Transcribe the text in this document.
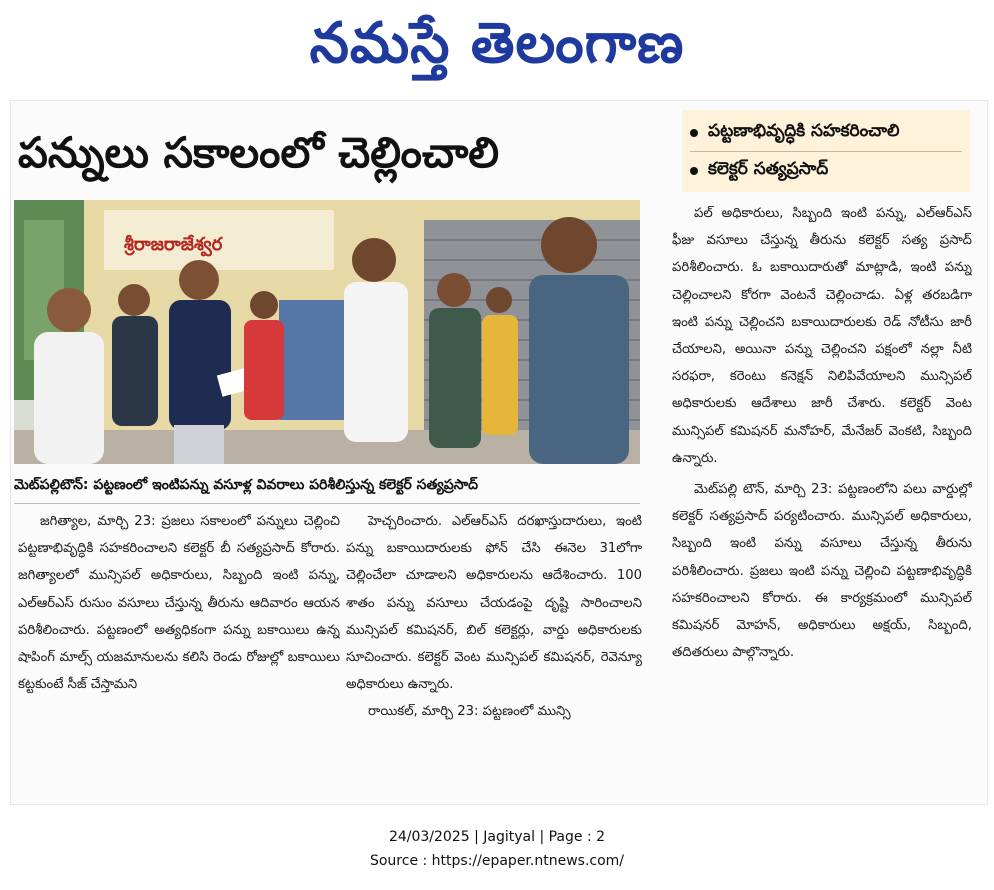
నమస్తే తెలంగాణ
పన్నులు సకాలంలో చెల్లించాలి	పట్టణాభివృద్ధికి సహకరించాలి
కలెక్టర్ సత్యప్రసాద్
శ్రీరాజరాజేశ్వర
మెట్‌పల్లిటౌన్: పట్టణంలో ఇంటిపన్ను వసూళ్ల వివరాలు పరిశీలిస్తున్న కలెక్టర్ సత్యప్రసాద్

జగిత్యాల, మార్చి 23: ప్రజలు సకాలంలో పన్నులు చెల్లించి పట్టణాభివృద్ధికి సహకరించాలని కలెక్టర్ బీ సత్యప్రసాద్ కోరారు. జగిత్యాలలో మున్సిపల్ అధికారులు, సిబ్బంది ఇంటి పన్ను, ఎల్‌ఆర్‌ఎస్ రుసుం వసూలు చేస్తున్న తీరును ఆదివారం ఆయన పరిశీలించారు. పట్టణంలో అత్యధికంగా పన్ను బకాయిలు ఉన్న షాపింగ్ మాల్స్ యజమానులను కలిసి రెండు రోజుల్లో బకాయిలు కట్టకుంటే సీజ్ చేస్తామని

హెచ్చరించారు. ఎల్‌ఆర్‌ఎస్ దరఖాస్తుదారులు, ఇంటి పన్ను బకాయిదారులకు ఫోన్ చేసి ఈనెల 31లోగా చెల్లించేలా చూడాలని అధికారులను ఆదేశించారు. 100 శాతం పన్ను వసూలు చేయడంపై దృష్టి సారించాలని మున్సిపల్ కమిషనర్, బిల్ కలెక్టర్లు, వార్డు అధికారులకు సూచించారు. కలెక్టర్ వెంట మున్సిపల్ కమిషనర్, రెవెన్యూ అధికారులు ఉన్నారు.

రాయికల్, మార్చి 23: పట్టణంలో మున్సి

పల్ అధికారులు, సిబ్బంది ఇంటి పన్ను, ఎల్‌ఆర్‌ఎస్ ఫీజు వసూలు చేస్తున్న తీరును కలెక్టర్ సత్య ప్రసాద్ పరిశీలించారు. ఓ బకాయిదారుతో మాట్లాడి, ఇంటి పన్ను చెల్లించాలని కోరగా వెంటనే చెల్లించాడు. ఏళ్ల తరబడిగా ఇంటి పన్ను చెల్లించని బకాయిదారులకు రెడ్ నోటీసు జారీ చేయాలని, అయినా పన్ను చెల్లించని పక్షంలో నల్లా నీటి సరఫరా, కరెంటు కనెక్షన్ నిలిపివేయాలని మున్సిపల్ అధికారులకు ఆదేశాలు జారీ చేశారు. కలెక్టర్ వెంట మున్సిపల్ కమిషనర్ మనోహర్, మేనేజర్ వెంకటి, సిబ్బంది ఉన్నారు.

మెట్‌పల్లి టౌన్, మార్చి 23: పట్టణంలోని పలు వార్డుల్లో కలెక్టర్ సత్యప్రసాద్ పర్యటించారు. మున్సిపల్ అధికారులు, సిబ్బంది ఇంటి పన్ను వసూలు చేస్తున్న తీరును పరిశీలించారు. ప్రజలు ఇంటి పన్ను చెల్లించి పట్టణాభివృద్ధికి సహకరించాలని కోరారు. ఈ కార్యక్రమంలో మున్సిపల్ కమిషనర్ మోహన్, అధికారులు అక్షయ్, సిబ్బంది, తదితరులు పాల్గొన్నారు.

24/03/2025 | Jagityal | Page : 2
Source : https://epaper.ntnews.com/
